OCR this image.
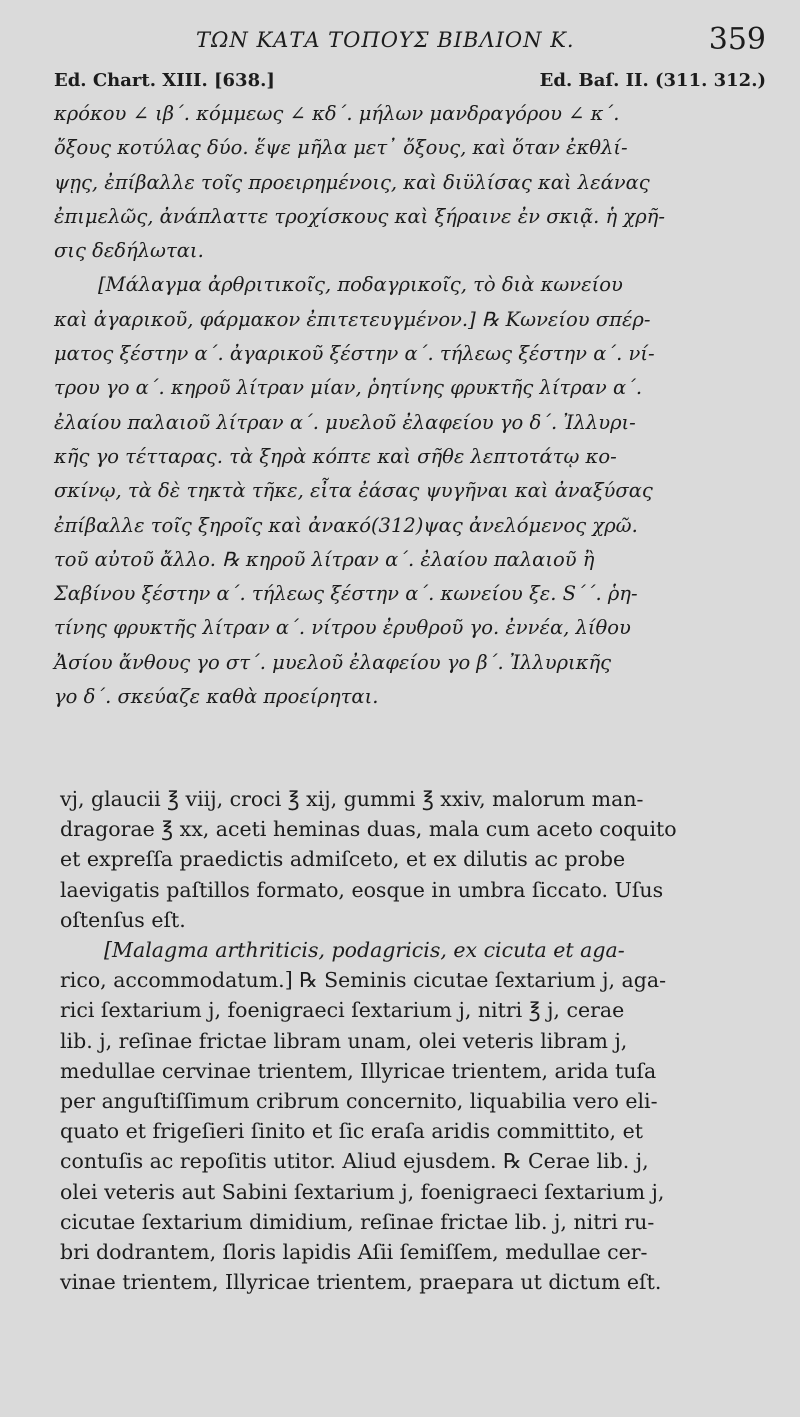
ΤΩΝ ΚΑΤΑ ΤΟΠΟΥΣ ΒΙΒΛΙΟΝ Κ.	359
Ed. Chart. XIII. [638.]	Ed. Baſ. II. (311. 312.)
κρόκου ∠ ιβ΄. κόμμεως ∠ κδ΄. μήλων μανδραγόρου ∠ κ΄.
ὄξους κοτύλας δύο. ἕψε μῆλα μετ᾽ ὄξους, καὶ ὅταν ἐκθλί-
ψῃς, ἐπίβαλλε τοῖς προειρημένοις, καὶ διϋλίσας καὶ λεάνας
ἐπιμελῶς, ἀνάπλαττε τροχίσκους καὶ ξήραινε ἐν σκιᾷ. ἡ χρῆ-
σις δεδήλωται.
[Μάλαγμα ἀρθριτικοῖς, ποδαγρικοῖς, τὸ διὰ κωνείου
καὶ ἀγαρικοῦ, φάρμακον ἐπιτετευγμένον.] ℞ Κωνείου σπέρ-
ματος ξέστην α΄. ἀγαρικοῦ ξέστην α΄. τήλεως ξέστην α΄. νί-
τρου γο α΄. κηροῦ λίτραν μίαν, ῥητίνης φρυκτῆς λίτραν α΄.
ἐλαίου παλαιοῦ λίτραν α΄. μυελοῦ ἐλαφείου γο δ΄. Ἰλλυρι-
κῆς γο τέτταρας. τὰ ξηρὰ κόπτε καὶ σῆθε λεπτοτάτῳ κο-
σκίνῳ, τὰ δὲ τηκτὰ τῆκε, εἶτα ἐάσας ψυγῆναι καὶ ἀναξύσας
ἐπίβαλλε τοῖς ξηροῖς καὶ ἀνακό(312)ψας ἀνελόμενος χρῶ.
τοῦ αὐτοῦ ἄλλο. ℞ κηροῦ λίτραν α΄. ἐλαίου παλαιοῦ ἢ
Σαβίνου ξέστην α΄. τήλεως ξέστην α΄. κωνείου ξε. S΄΄. ῥη-
τίνης φρυκτῆς λίτραν α΄. νίτρου ἐρυθροῦ γο. ἐννέα, λίθου
Ἀσίου ἄνθους γο στ΄. μυελοῦ ἐλαφείου γο β΄. Ἰλλυρικῆς
γο δ΄. σκεύαζε καθὰ προείρηται.
vj, glaucii ℥ viij, croci ℥ xij, gummi ℥ xxiv, malorum man-
dragorae ℥ xx, aceti heminas duas, mala cum aceto coquito
et expreſſa praedictis admiſceto, et ex dilutis ac probe
laevigatis paſtillos formato, eosque in umbra ſiccato. Uſus
oſtenſus eſt.
[Malagma arthriticis, podagricis, ex cicuta et aga-
rico, accommodatum.] ℞ Seminis cicutae ſextarium j, aga-
rici ſextarium j, foenigraeci ſextarium j, nitri ℥ j, cerae
lib. j, reſinae frictae libram unam, olei veteris libram j,
medullae cervinae trientem, Illyricae trientem, arida tuſa
per anguſtiſſimum cribrum concernito, liquabilia vero eli-
quato et frigeſieri ſinito et ſic eraſa aridis committito, et
contuſis ac repoſitis utitor. Aliud ejusdem. ℞ Cerae lib. j,
olei veteris aut Sabini ſextarium j, foenigraeci ſextarium j,
cicutae ſextarium dimidium, reſinae frictae lib. j, nitri ru-
bri dodrantem, ſloris lapidis Aſii ſemiſſem, medullae cer-
vinae trientem, Illyricae trientem, praepara ut dictum eſt.
